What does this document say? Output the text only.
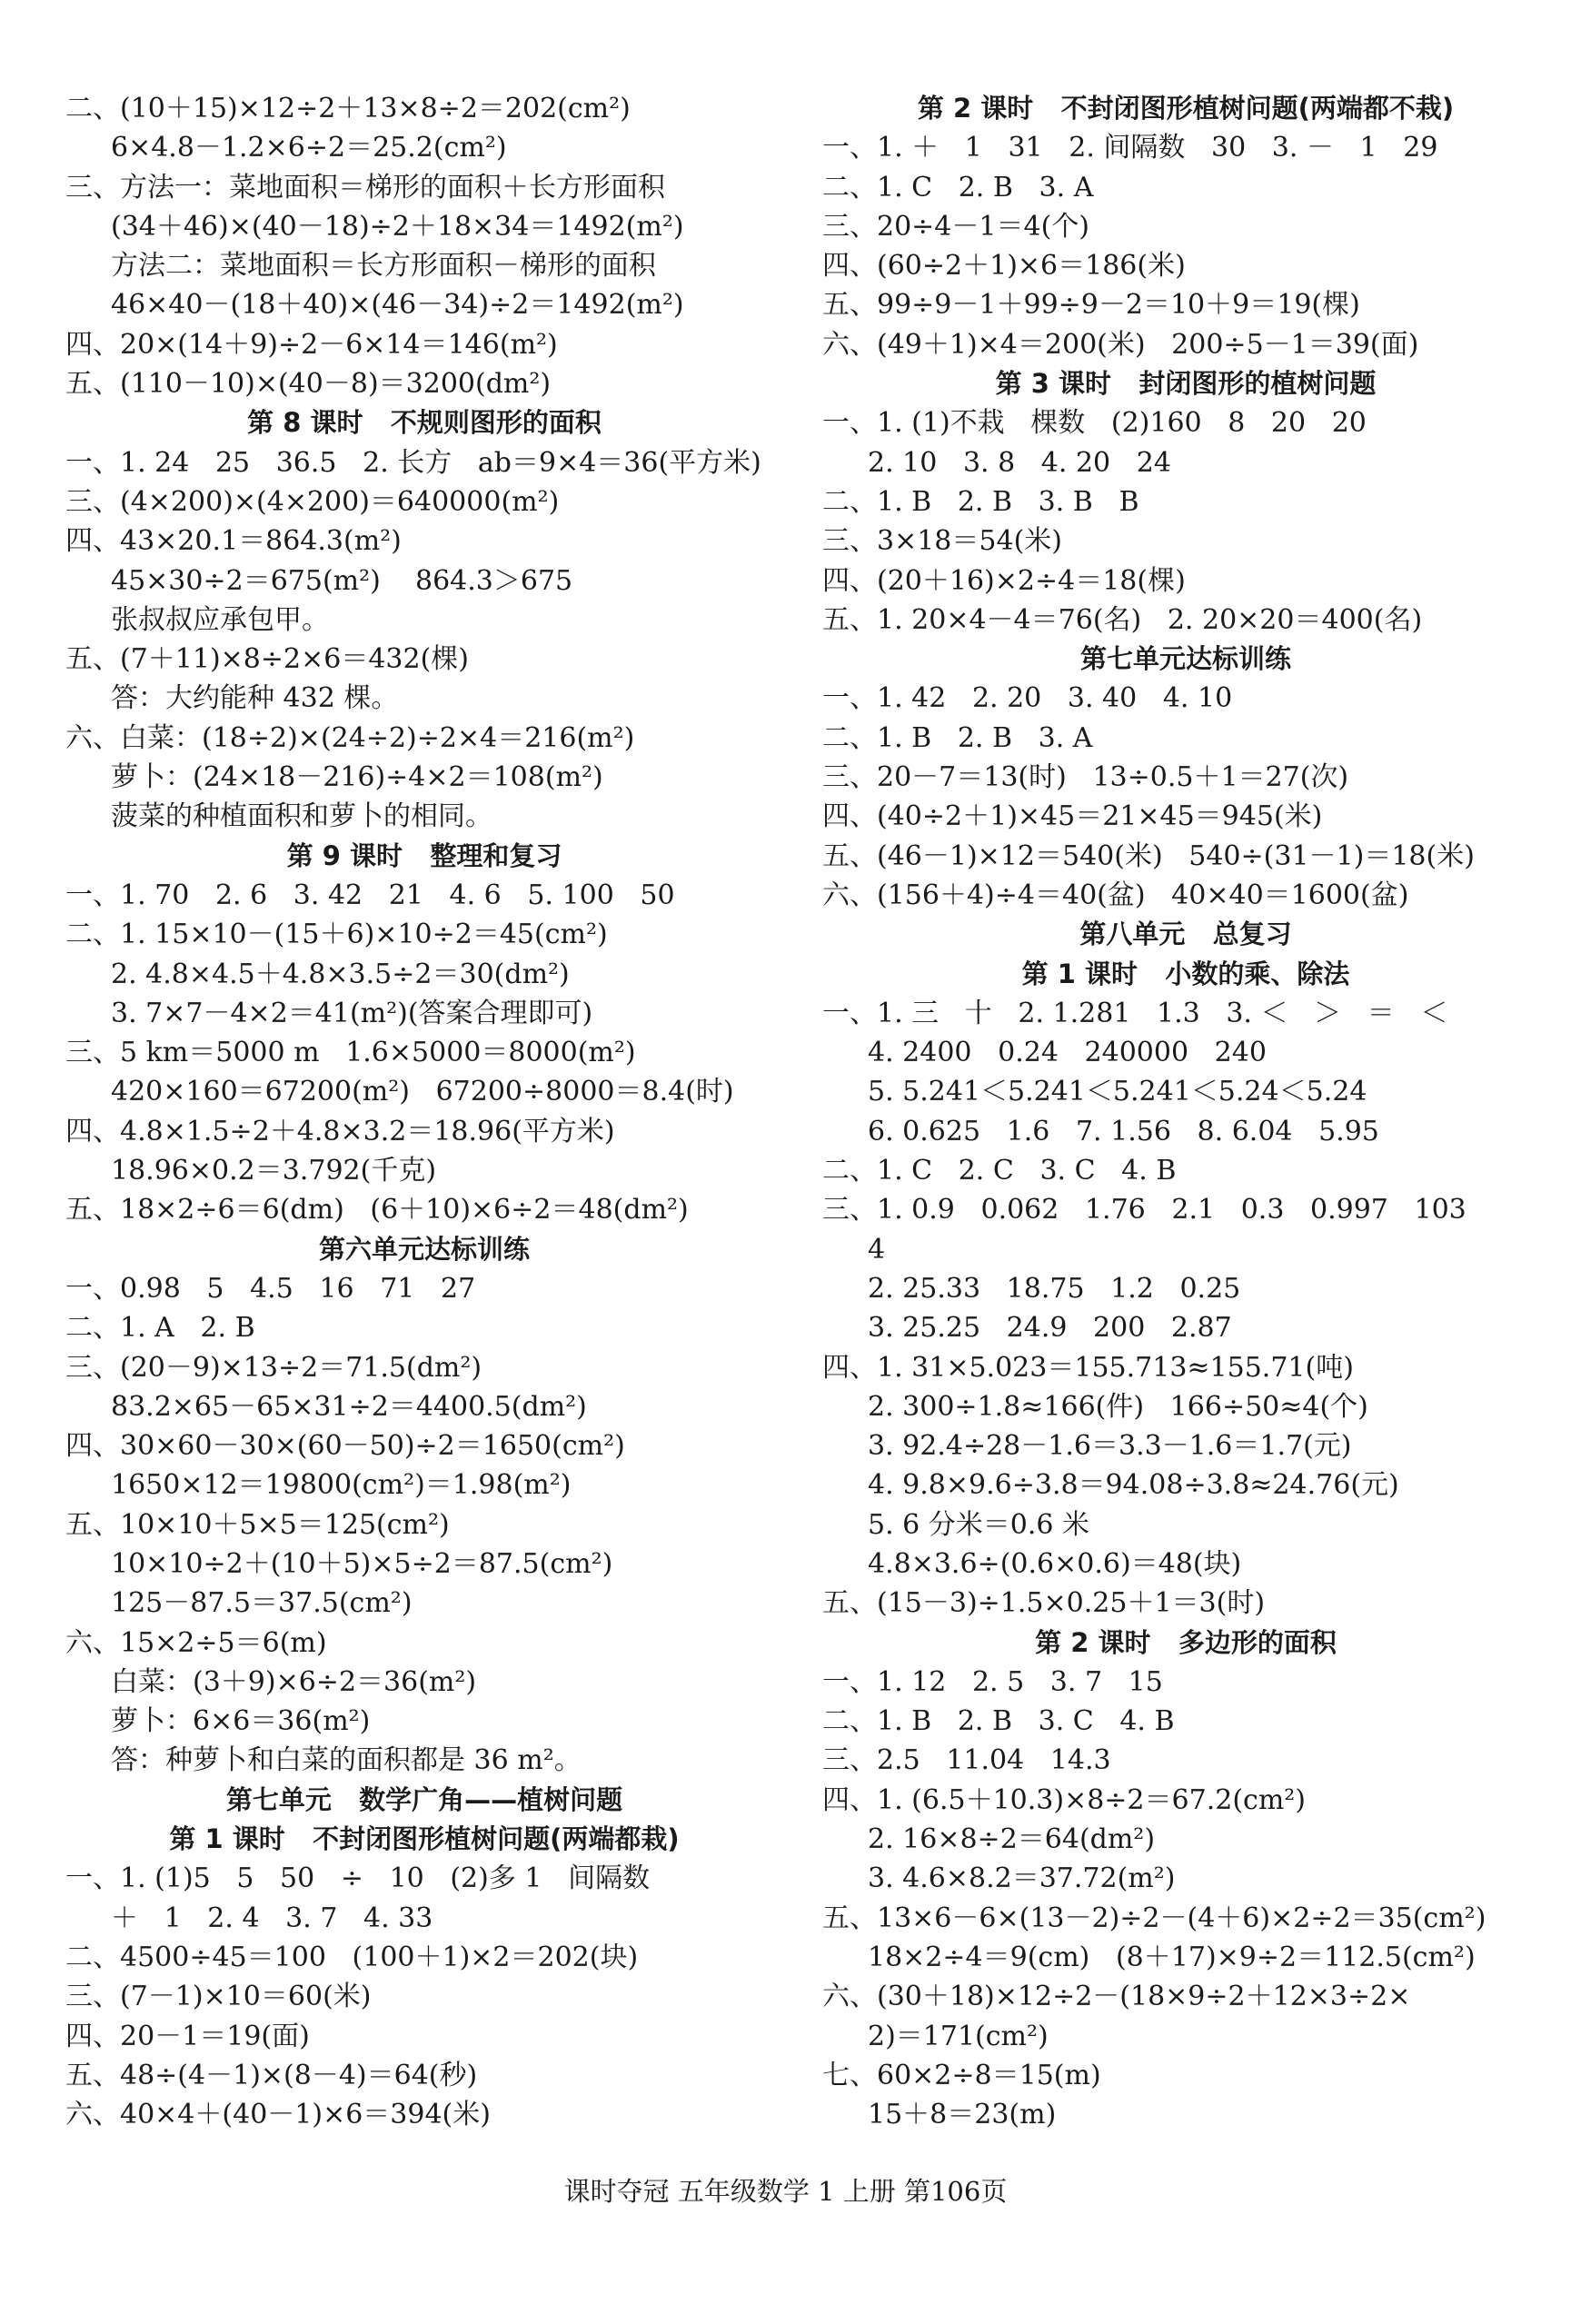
二、(10＋15)×12÷2＋13×8÷2＝202(cm²)
6×4.8－1.2×6÷2＝25.2(cm²)
三、方法一：菜地面积＝梯形的面积＋长方形面积
(34＋46)×(40－18)÷2＋18×34＝1492(m²)
方法二：菜地面积＝长方形面积－梯形的面积
46×40－(18＋40)×(46－34)÷2＝1492(m²)
四、20×(14＋9)÷2－6×14＝146(m²)
五、(110－10)×(40－8)＝3200(dm²)
第 8 课时   不规则图形的面积
一、1. 24   25   36.5   2. 长方   ab＝9×4＝36(平方米)
三、(4×200)×(4×200)＝640000(m²)
四、43×20.1＝864.3(m²)
45×30÷2＝675(m²)    864.3＞675
张叔叔应承包甲。
五、(7＋11)×8÷2×6＝432(棵)
答：大约能种 432 棵。
六、白菜：(18÷2)×(24÷2)÷2×4＝216(m²)
萝卜：(24×18－216)÷4×2＝108(m²)
菠菜的种植面积和萝卜的相同。
第 9 课时   整理和复习
一、1. 70   2. 6   3. 42   21   4. 6   5. 100   50
二、1. 15×10－(15＋6)×10÷2＝45(cm²)
2. 4.8×4.5＋4.8×3.5÷2＝30(dm²)
3. 7×7－4×2＝41(m²)(答案合理即可)
三、5 km＝5000 m   1.6×5000＝8000(m²)
420×160＝67200(m²)   67200÷8000＝8.4(时)
四、4.8×1.5÷2＋4.8×3.2＝18.96(平方米)
18.96×0.2＝3.792(千克)
五、18×2÷6＝6(dm)   (6＋10)×6÷2＝48(dm²)
第六单元达标训练
一、0.98   5   4.5   16   71   27
二、1. A   2. B
三、(20－9)×13÷2＝71.5(dm²)
83.2×65－65×31÷2＝4400.5(dm²)
四、30×60－30×(60－50)÷2＝1650(cm²)
1650×12＝19800(cm²)＝1.98(m²)
五、10×10＋5×5＝125(cm²)
10×10÷2＋(10＋5)×5÷2＝87.5(cm²)
125－87.5＝37.5(cm²)
六、15×2÷5＝6(m)
白菜：(3＋9)×6÷2＝36(m²)
萝卜：6×6＝36(m²)
答：种萝卜和白菜的面积都是 36 m²。
第七单元   数学广角——植树问题
第 1 课时   不封闭图形植树问题(两端都栽)
一、1. (1)5   5   50   ÷   10   (2)多 1   间隔数
＋   1   2. 4   3. 7   4. 33
二、4500÷45＝100   (100＋1)×2＝202(块)
三、(7－1)×10＝60(米)
四、20－1＝19(面)
五、48÷(4－1)×(8－4)＝64(秒)
六、40×4＋(40－1)×6＝394(米)
第 2 课时   不封闭图形植树问题(两端都不栽)
一、1. ＋   1   31   2. 间隔数   30   3. －   1   29
二、1. C   2. B   3. A
三、20÷4－1＝4(个)
四、(60÷2＋1)×6＝186(米)
五、99÷9－1＋99÷9－2＝10＋9＝19(棵)
六、(49＋1)×4＝200(米)   200÷5－1＝39(面)
第 3 课时   封闭图形的植树问题
一、1. (1)不栽   棵数   (2)160   8   20   20
2. 10   3. 8   4. 20   24
二、1. B   2. B   3. B   B
三、3×18＝54(米)
四、(20＋16)×2÷4＝18(棵)
五、1. 20×4－4＝76(名)   2. 20×20＝400(名)
第七单元达标训练
一、1. 42   2. 20   3. 40   4. 10
二、1. B   2. B   3. A
三、20－7＝13(时)   13÷0.5＋1＝27(次)
四、(40÷2＋1)×45＝21×45＝945(米)
五、(46－1)×12＝540(米)   540÷(31－1)＝18(米)
六、(156＋4)÷4＝40(盆)   40×40＝1600(盆)
第八单元   总复习
第 1 课时   小数的乘、除法
一、1. 三   十   2. 1.281   1.3   3. ＜   ＞   ＝   ＜
4. 2400   0.24   240000   240
5. 5.241＜5.241＜5.241＜5.24＜5.24
6. 0.625   1.6   7. 1.56   8. 6.04   5.95
二、1. C   2. C   3. C   4. B
三、1. 0.9   0.062   1.76   2.1   0.3   0.997   103
4
2. 25.33   18.75   1.2   0.25
3. 25.25   24.9   200   2.87
四、1. 31×5.023＝155.713≈155.71(吨)
2. 300÷1.8≈166(件)   166÷50≈4(个)
3. 92.4÷28－1.6＝3.3－1.6＝1.7(元)
4. 9.8×9.6÷3.8＝94.08÷3.8≈24.76(元)
5. 6 分米＝0.6 米
4.8×3.6÷(0.6×0.6)＝48(块)
五、(15－3)÷1.5×0.25＋1＝3(时)
第 2 课时   多边形的面积
一、1. 12   2. 5   3. 7   15
二、1. B   2. B   3. C   4. B
三、2.5   11.04   14.3
四、1. (6.5＋10.3)×8÷2＝67.2(cm²)
2. 16×8÷2＝64(dm²)
3. 4.6×8.2＝37.72(m²)
五、13×6－6×(13－2)÷2－(4＋6)×2÷2＝35(cm²)
18×2÷4＝9(cm)   (8＋17)×9÷2＝112.5(cm²)
六、(30＋18)×12÷2－(18×9÷2＋12×3÷2×
2)＝171(cm²)
七、60×2÷8＝15(m)
15＋8＝23(m)
课时夺冠 五年级数学 1 上册 第106页
